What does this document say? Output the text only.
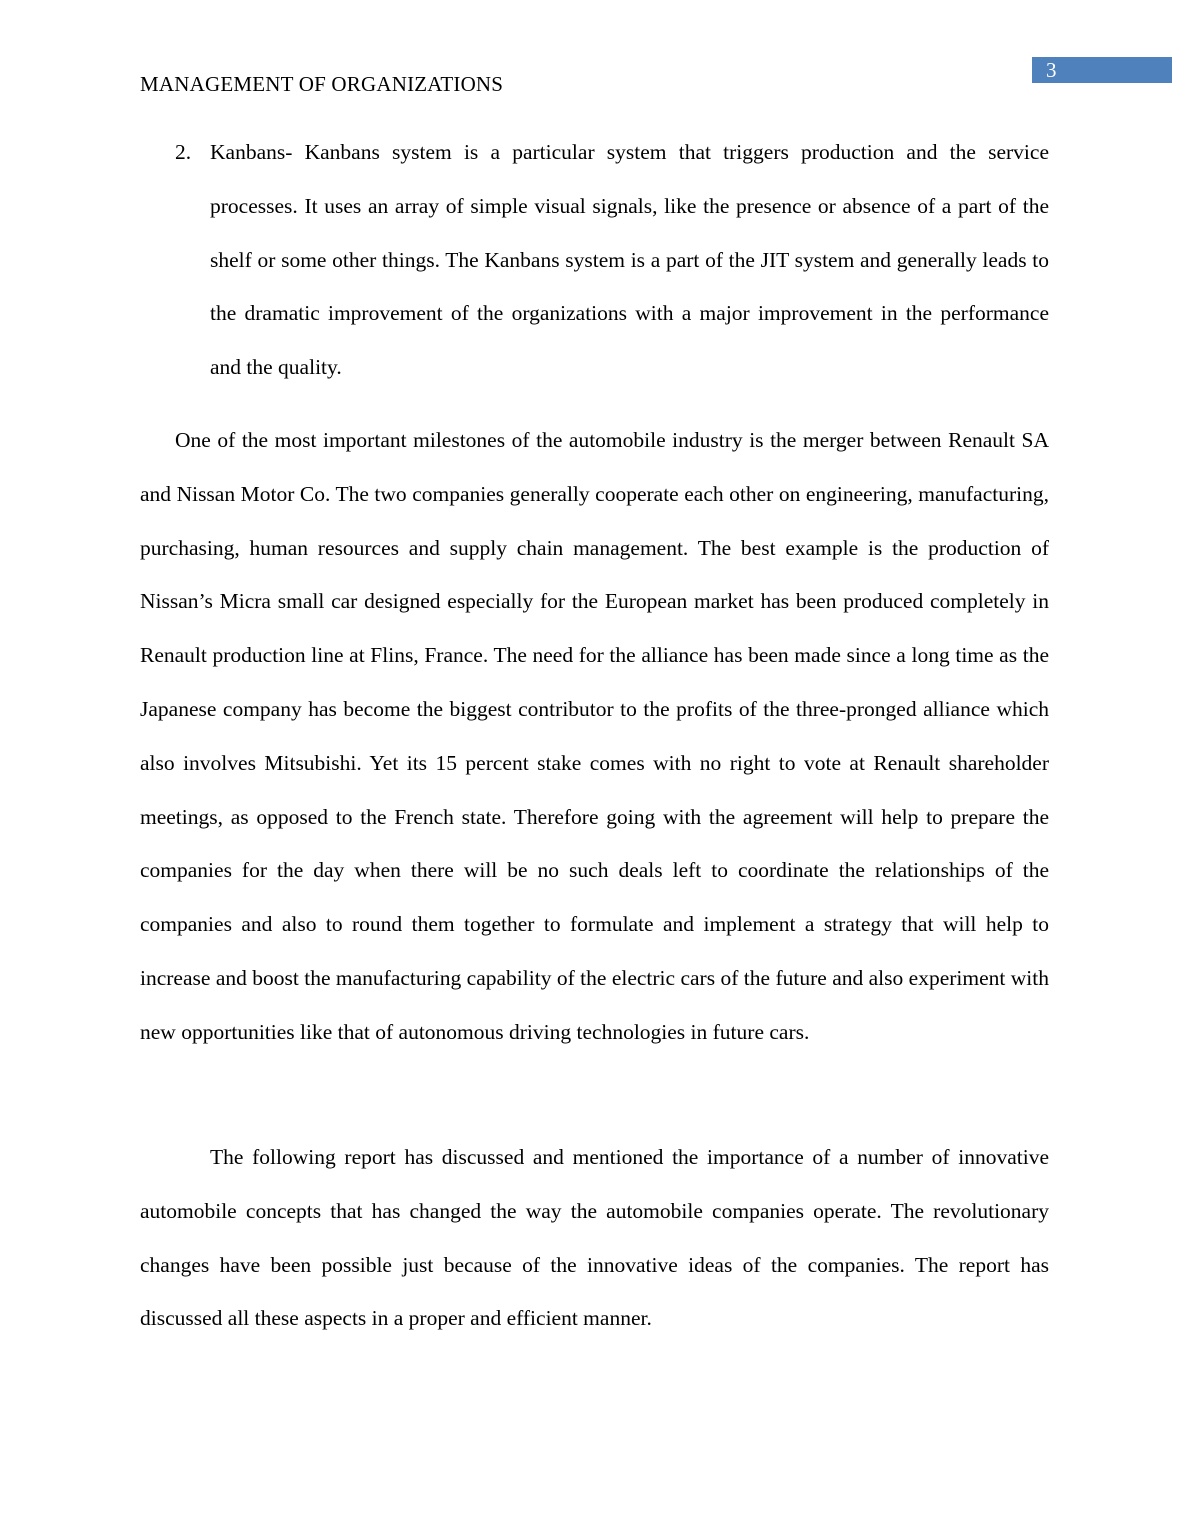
3
MANAGEMENT OF ORGANIZATIONS
2. Kanbans- Kanbans system is a particular system that triggers production and the service processes. It uses an array of simple visual signals, like the presence or absence of a part of the shelf or some other things. The Kanbans system is a part of the JIT system and generally leads to the dramatic improvement of the organizations with a major improvement in the performance and the quality.

One of the most important milestones of the automobile industry is the merger between Renault SA and Nissan Motor Co. The two companies generally cooperate each other on engineering, manufacturing, purchasing, human resources and supply chain management. The best example is the production of Nissan’s Micra small car designed especially for the European market has been produced completely in Renault production line at Flins, France. The need for the alliance has been made since a long time as the Japanese company has become the biggest contributor to the profits of the three-pronged alliance which also involves Mitsubishi. Yet its 15 percent stake comes with no right to vote at Renault shareholder meetings, as opposed to the French state. Therefore going with the agreement will help to prepare the companies for the day when there will be no such deals left to coordinate the relationships of the companies and also to round them together to formulate and implement a strategy that will help to increase and boost the manufacturing capability of the electric cars of the future and also experiment with new opportunities like that of autonomous driving technologies in future cars.

The following report has discussed and mentioned the importance of a number of innovative automobile concepts that has changed the way the automobile companies operate. The revolutionary changes have been possible just because of the innovative ideas of the companies. The report has discussed all these aspects in a proper and efficient manner.
